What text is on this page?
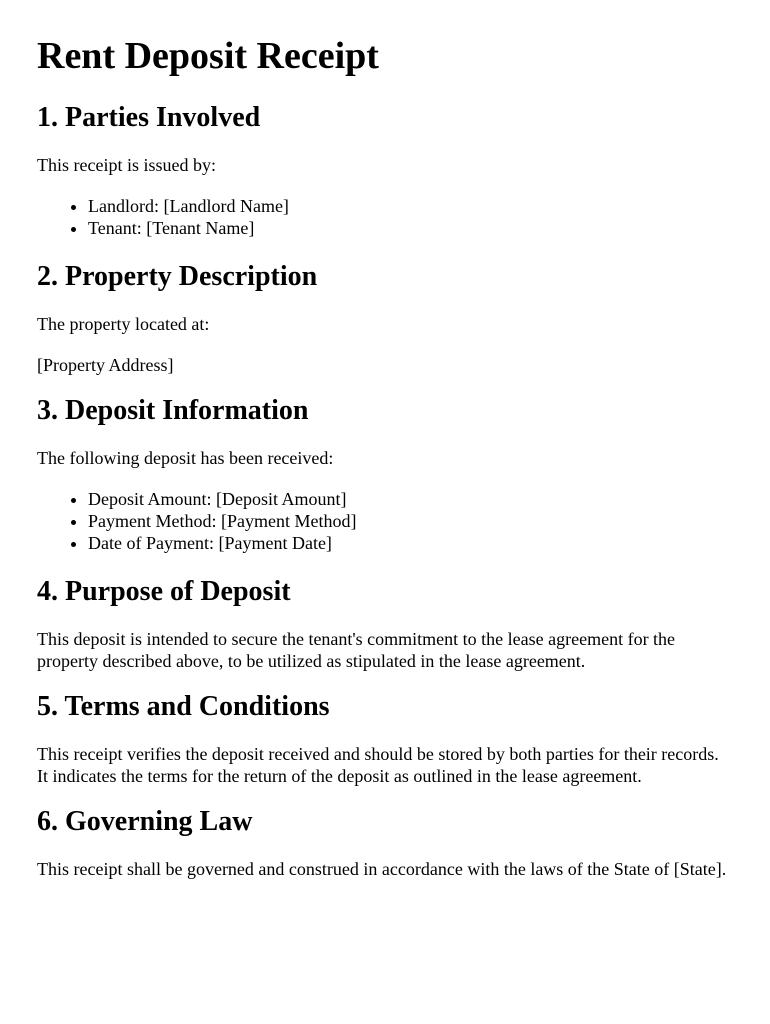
Rent Deposit Receipt
1. Parties Involved

This receipt is issued by:

• Landlord: [Landlord Name]
• Tenant: [Tenant Name]
2. Property Description

The property located at:

[Property Address]

3. Deposit Information

The following deposit has been received:

• Deposit Amount: [Deposit Amount]
• Payment Method: [Payment Method]
• Date of Payment: [Payment Date]
4. Purpose of Deposit

This deposit is intended to secure the tenant's commitment to the lease agreement for the property described above, to be utilized as stipulated in the lease agreement.

5. Terms and Conditions

This receipt verifies the deposit received and should be stored by both parties for their records. It indicates the terms for the return of the deposit as outlined in the lease agreement.

6. Governing Law

This receipt shall be governed and construed in accordance with the laws of the State of [State].
